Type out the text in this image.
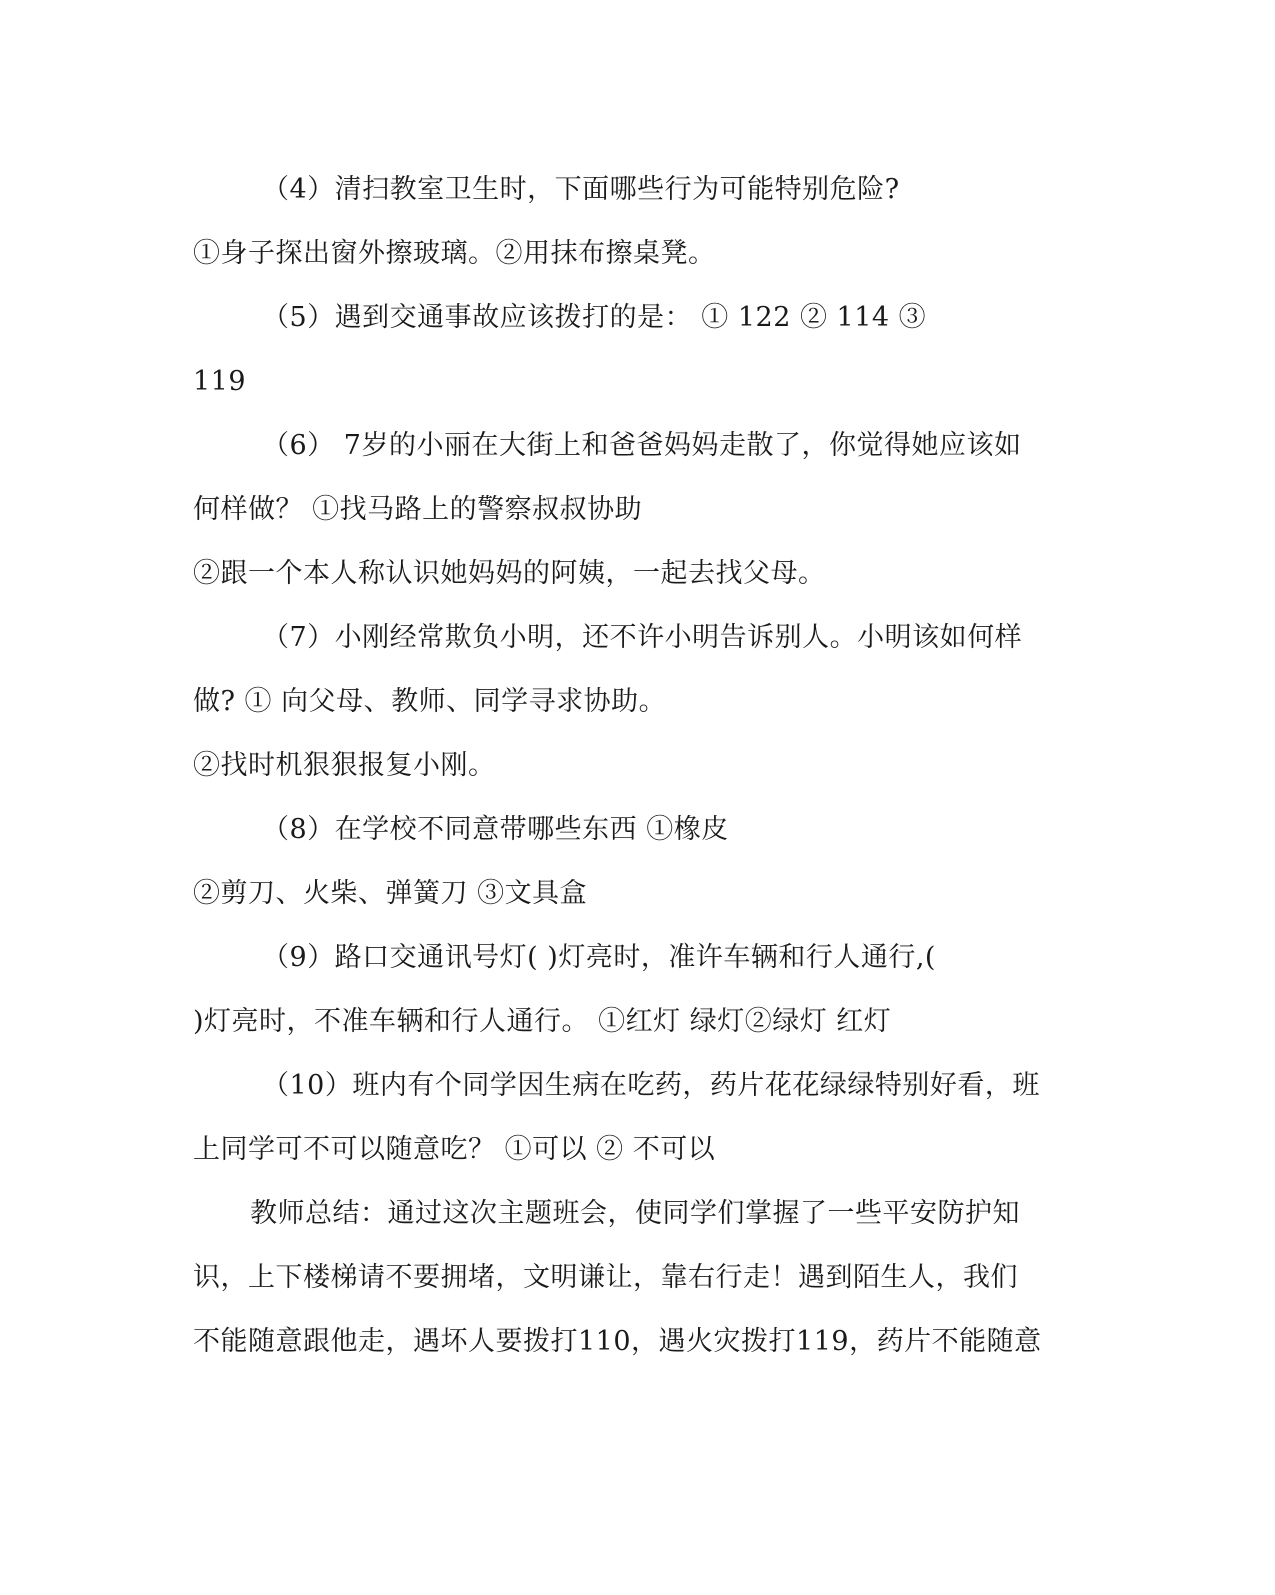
（4）清扫教室卫生时，下面哪些行为可能特别危险?
①身子探出窗外擦玻璃。②用抹布擦桌凳。
（5）遇到交通事故应该拨打的是： ① 122 ② 114 ③
119
（6） 7岁的小丽在大街上和爸爸妈妈走散了，你觉得她应该如
何样做？ ①找马路上的警察叔叔协助
②跟一个本人称认识她妈妈的阿姨，一起去找父母。
（7）小刚经常欺负小明，还不许小明告诉别人。小明该如何样
做? ① 向父母、教师、同学寻求协助。
②找时机狠狠报复小刚。
（8）在学校不同意带哪些东西 ①橡皮
②剪刀、火柴、弹簧刀 ③文具盒
（9）路口交通讯号灯( )灯亮时，准许车辆和行人通行,(
)灯亮时，不准车辆和行人通行。 ①红灯 绿灯②绿灯 红灯
（10）班内有个同学因生病在吃药，药片花花绿绿特别好看，班
上同学可不可以随意吃？ ①可以 ② 不可以
教师总结：通过这次主题班会，使同学们掌握了一些平安防护知
识，上下楼梯请不要拥堵，文明谦让，靠右行走！遇到陌生人，我们
不能随意跟他走，遇坏人要拨打110，遇火灾拨打119，药片不能随意
